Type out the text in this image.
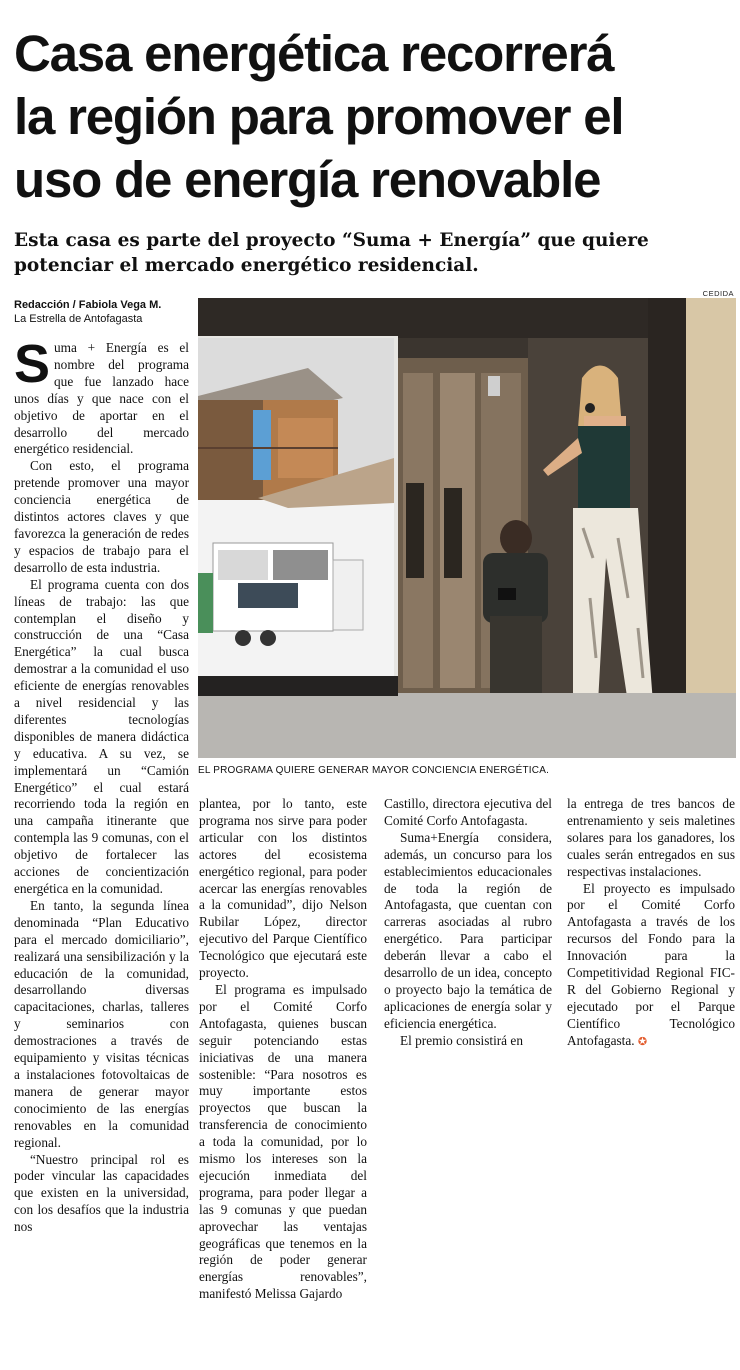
Casa energética recorrerá
la región para promover el
uso de energía renovable

Esta casa es parte del proyecto “Suma + Energía” que quiere potenciar el mercado energético residencial.

Redacción / Fabiola Vega M.
La Estrella de Antofagasta
CEDIDA
EL PROGRAMA QUIERE GENERAR MAYOR CONCIENCIA ENERGÉTICA.

Suma + Energía es el nombre del programa que fue lanzado hace unos días y que nace con el objetivo de aportar en el desarrollo del mercado energético residencial.

Con esto, el programa pretende promover una mayor conciencia energética de distintos actores claves y que favorezca la generación de redes y espacios de trabajo para el desarrollo de esta industria.

El programa cuenta con dos líneas de trabajo: las que contemplan el diseño y construcción de una “Casa Energética” la cual busca demostrar a la comunidad el uso eficiente de energías renovables a nivel residencial y las diferentes tecnologías disponibles de manera didáctica y educativa. A su vez, se implementará un “Camión Energético” el cual estará recorriendo toda la región en una campaña itinerante que contempla las 9 comunas, con el objetivo de fortalecer las acciones de concientización energética en la comunidad.

En tanto, la segunda línea denominada “Plan Educativo para el mercado domiciliario”, realizará una sensibilización y la educación de la comunidad, desarrollando diversas capacitaciones, charlas, talleres y seminarios con demostraciones a través de equipamiento y visitas técnicas a instalaciones fotovoltaicas de manera de generar mayor conocimiento de las energías renovables en la comunidad regional.

“Nuestro principal rol es poder vincular las capacidades que existen en la universidad, con los desafíos que la industria nos

plantea, por lo tanto, este programa nos sirve para poder articular con los distintos actores del ecosistema energético regional, para poder acercar las energías renovables a la comunidad”, dijo Nelson Rubilar López, director ejecutivo del Parque Científico Tecnológico que ejecutará este proyecto.

El programa es impulsado por el Comité Corfo Antofagasta, quienes buscan seguir potenciando estas iniciativas de una manera sostenible: “Para nosotros es muy importante estos proyectos que buscan la transferencia de conocimiento a toda la comunidad, por lo mismo los intereses son la ejecución inmediata del programa, para poder llegar a las 9 comunas y que puedan aprovechar las ventajas geográficas que tenemos en la región de poder generar energías renovables”, manifestó Melissa Gajardo

Castillo, directora ejecutiva del Comité Corfo Antofagasta.

Suma+Energía considera, además, un concurso para los establecimientos educacionales de toda la región de Antofagasta, que cuentan con carreras asociadas al rubro energético. Para participar deberán llevar a cabo el desarrollo de un idea, concepto o proyecto bajo la temática de aplicaciones de energía solar y eficiencia energética.

El premio consistirá en

la entrega de tres bancos de entrenamiento y seis maletines solares para los ganadores, los cuales serán entregados en sus respectivas instalaciones.

El proyecto es impulsado por el Comité Corfo Antofagasta a través de los recursos del Fondo para la Innovación para la Competitividad Regional FIC-R del Gobierno Regional y ejecutado por el Parque Científico Tecnológico Antofagasta. ✪
